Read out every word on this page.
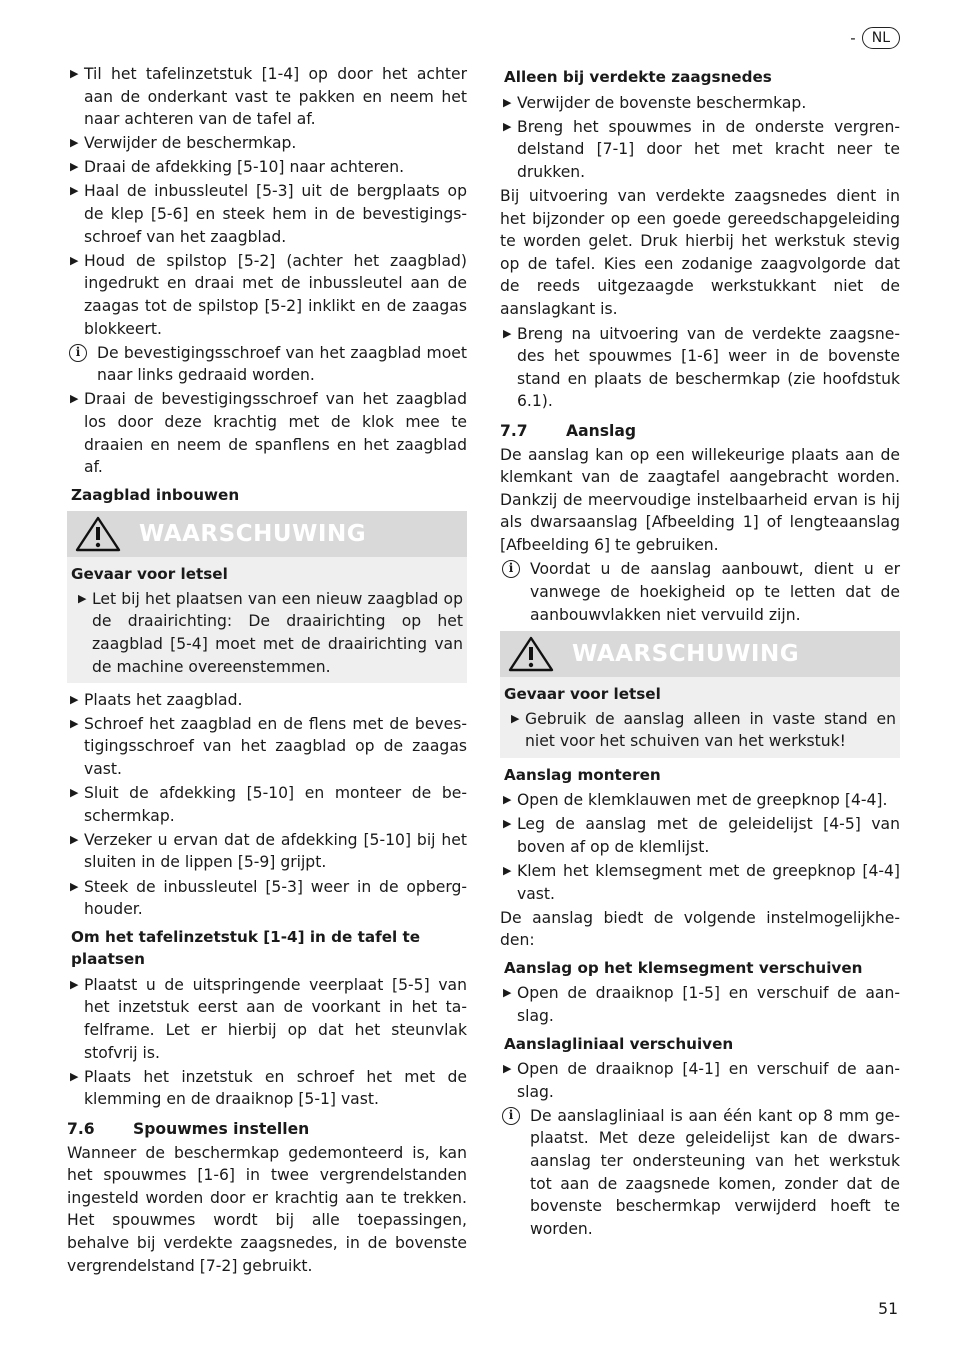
-	NL
▶ Til het tafelinzetstuk [1-4] op door het achter aan de onderkant vast te pakken en neem het naar achteren van de tafel af.
▶ Verwijder de beschermkap.
▶ Draai de afdekking [5-10] naar achteren.
▶ Haal de inbussleutel [5-3] uit de bergplaats op de klep [5-6] en steek hem in de bevestigingsschroef van het zaagblad.
▶ Houd de spilstop [5-2] (achter het zaagblad) ingedrukt en draai met de inbussleutel aan de zaagas tot de spilstop [5-2] inklikt en de zaagas blokkeert.
i	De bevestigingsschroef van het zaagblad moet naar links gedraaid worden.
▶ Draai de bevestigingsschroef van het zaagblad los door deze krachtig met de klok mee te draaien en neem de spanflens en het zaagblad af.
Zaagblad inbouwen
WAARSCHUWING
Gevaar voor letsel
▶ Let bij het plaatsen van een nieuw zaagblad op de draairichting: De draairichting op het zaagblad [5-4] moet met de draairichting van de machine overeenstemmen.
▶ Plaats het zaagblad.
▶ Schroef het zaagblad en de flens met de bevestigingsschroef van het zaagblad op de zaagas vast.
▶ Sluit de afdekking [5-10] en monteer de beschermkap.
▶ Verzeker u ervan dat de afdekking [5-10] bij het sluiten in de lippen [5-9] grijpt.
▶ Steek de inbussleutel [5-3] weer in de opberghouder.
Om het tafelinzetstuk [1-4] in de tafel te plaatsen
▶ Plaatst u de uitspringende veerplaat [5-5] van het inzetstuk eerst aan de voorkant in het tafelframe. Let er hierbij op dat het steunvlak stofvrij is.
▶ Plaats het inzetstuk en schroef het met de klemming en de draaiknop [5-1] vast.
7.6	Spouwmes instellen

Wanneer de beschermkap gedemonteerd is, kan het spouwmes [1-6] in twee vergrendelstanden ingesteld worden door er krachtig aan te trekken. Het spouwmes wordt bij alle toepassingen, behalve bij verdekte zaagsnedes, in de bovenste vergrendelstand [7-2] gebruikt.

Alleen bij verdekte zaagsnedes
▶ Verwijder de bovenste beschermkap.
▶ Breng het spouwmes in de onderste vergrendelstand [7-1] door het met kracht neer te drukken.

Bij uitvoering van verdekte zaagsnedes dient in het bijzonder op een goede gereedschapgeleiding te worden gelet. Druk hierbij het werkstuk stevig op de tafel. Kies een zodanige zaagvolgorde dat de reeds uitgezaagde werkstukkant niet de aanslagkant is.

▶ Breng na uitvoering van de verdekte zaagsnedes het spouwmes [1-6] weer in de bovenste stand en plaats de beschermkap (zie hoofdstuk 6.1).
7.7	Aanslag

De aanslag kan op een willekeurige plaats aan de klemkant van de zaagtafel aangebracht worden. Dankzij de meervoudige instelbaarheid ervan is hij als dwarsaanslag [Afbeelding 1] of lengteaanslag [Afbeelding 6] te gebruiken.

i	Voordat u de aanslag aanbouwt, dient u er vanwege de hoekigheid op te letten dat de aanbouwvlakken niet vervuild zijn.
WAARSCHUWING
Gevaar voor letsel
▶ Gebruik de aanslag alleen in vaste stand en niet voor het schuiven van het werkstuk!
Aanslag monteren
▶ Open de klemklauwen met de greepknop [4-4].
▶ Leg de aanslag met de geleidelijst [4-5] van boven af op de klemlijst.
▶ Klem het klemsegment met de greepknop [4-4] vast.

De aanslag biedt de volgende instelmogelijkheden:

Aanslag op het klemsegment verschuiven
▶ Open de draaiknop [1-5] en verschuif de aanslag.
Aanslagliniaal verschuiven
▶ Open de draaiknop [4-1] en verschuif de aanslag.
i	De aanslagliniaal is aan één kant op 8 mm geplaatst. Met deze geleidelijst kan de dwarsaanslag ter ondersteuning van het werkstuk tot aan de zaagsnede komen, zonder dat de bovenste beschermkap verwijderd hoeft te worden.
51
